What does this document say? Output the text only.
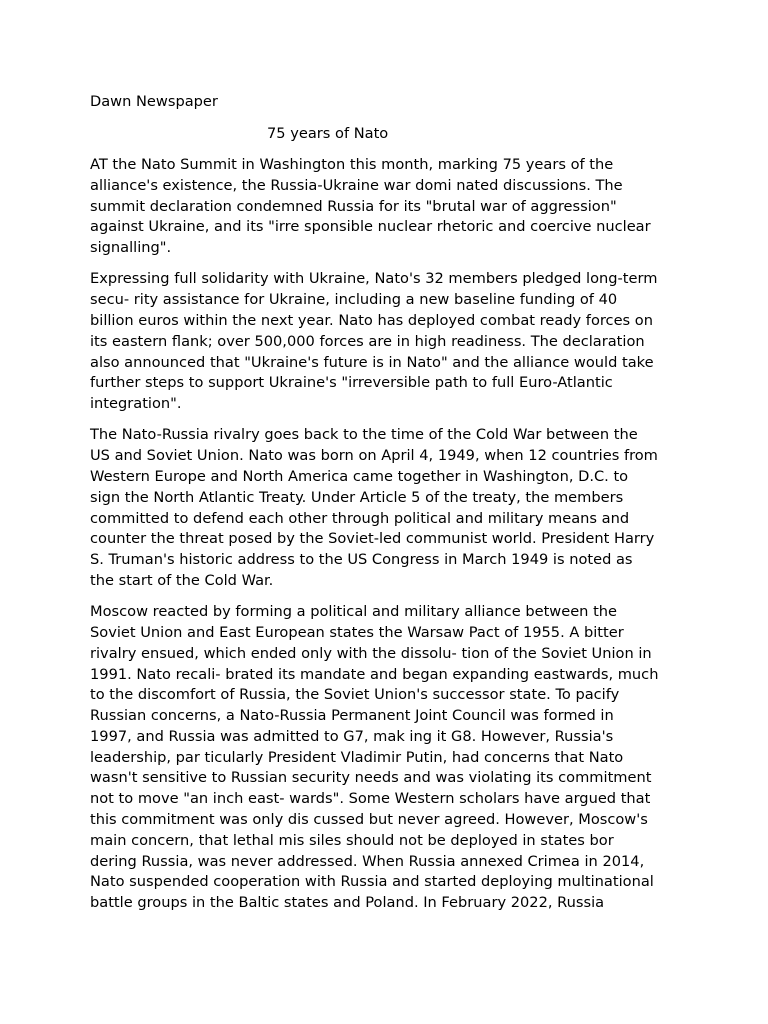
Dawn Newspaper
75 years of Nato
AT the Nato Summit in Washington this month, marking 75 years of the
alliance's existence, the Russia-Ukraine war domi nated discussions. The
summit declaration condemned Russia for its "brutal war of aggression"
against Ukraine, and its "irre sponsible nuclear rhetoric and coercive nuclear
signalling".
Expressing full solidarity with Ukraine, Nato's 32 members pledged long-term
secu- rity assistance for Ukraine, including a new baseline funding of 40
billion euros within the next year. Nato has deployed combat ready forces on
its eastern flank; over 500,000 forces are in high readiness. The declaration
also announced that "Ukraine's future is in Nato" and the alliance would take
further steps to support Ukraine's "irreversible path to full Euro-Atlantic
integration".
The Nato-Russia rivalry goes back to the time of the Cold War between the
US and Soviet Union. Nato was born on April 4, 1949, when 12 countries from
Western Europe and North America came together in Washington, D.C. to
sign the North Atlantic Treaty. Under Article 5 of the treaty, the members
committed to defend each other through political and military means and
counter the threat posed by the Soviet-led communist world. President Harry
S. Truman's historic address to the US Congress in March 1949 is noted as
the start of the Cold War.
Moscow reacted by forming a political and military alliance between the
Soviet Union and East European states the Warsaw Pact of 1955. A bitter
rivalry ensued, which ended only with the dissolu- tion of the Soviet Union in
1991. Nato recali- brated its mandate and began expanding eastwards, much
to the discomfort of Russia, the Soviet Union's successor state. To pacify
Russian concerns, a Nato-Russia Permanent Joint Council was formed in
1997, and Russia was admitted to G7, mak ing it G8. However, Russia's
leadership, par ticularly President Vladimir Putin, had concerns that Nato
wasn't sensitive to Russian security needs and was violating its commitment
not to move "an inch east- wards". Some Western scholars have argued that
this commitment was only dis cussed but never agreed. However, Moscow's
main concern, that lethal mis siles should not be deployed in states bor
dering Russia, was never addressed. When Russia annexed Crimea in 2014,
Nato suspended cooperation with Russia and started deploying multinational
battle groups in the Baltic states and Poland. In February 2022, Russia
